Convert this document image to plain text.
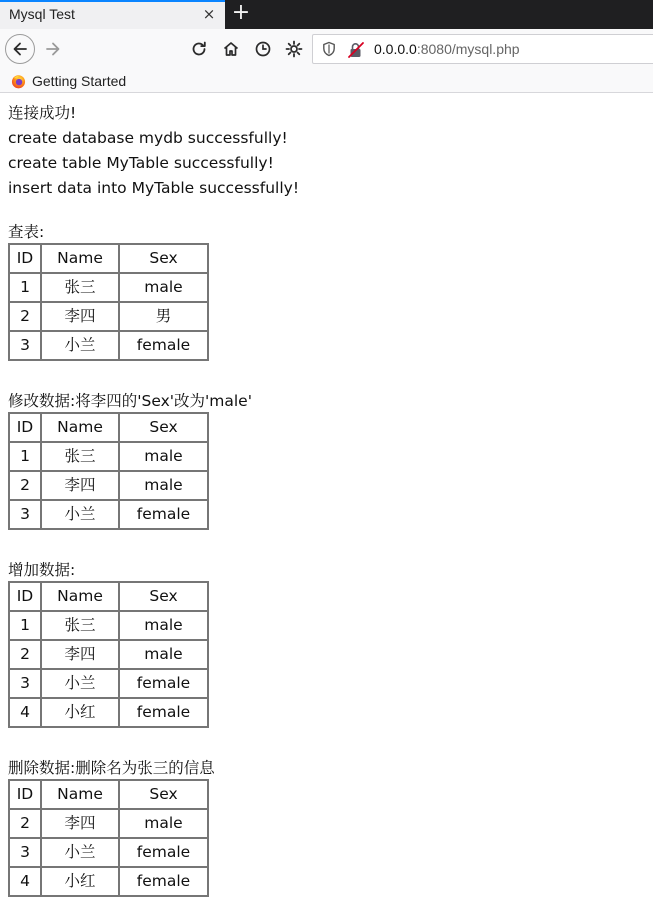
Mysql Test	× +
0.0.0.0:8080/mysql.php
Getting Started
连接成功!
create database mydb successfully!
create table MyTable successfully!
insert data into MyTable successfully!
查表:
ID	Name	Sex
1	张三	male
2	李四	男
3	小兰	female
修改数据:将李四的'Sex'改为'male'
ID	Name	Sex
1	张三	male
2	李四	male
3	小兰	female
增加数据:
ID	Name	Sex
1	张三	male
2	李四	male
3	小兰	female
4	小红	female
删除数据:删除名为张三的信息
ID	Name	Sex
2	李四	male
3	小兰	female
4	小红	female
